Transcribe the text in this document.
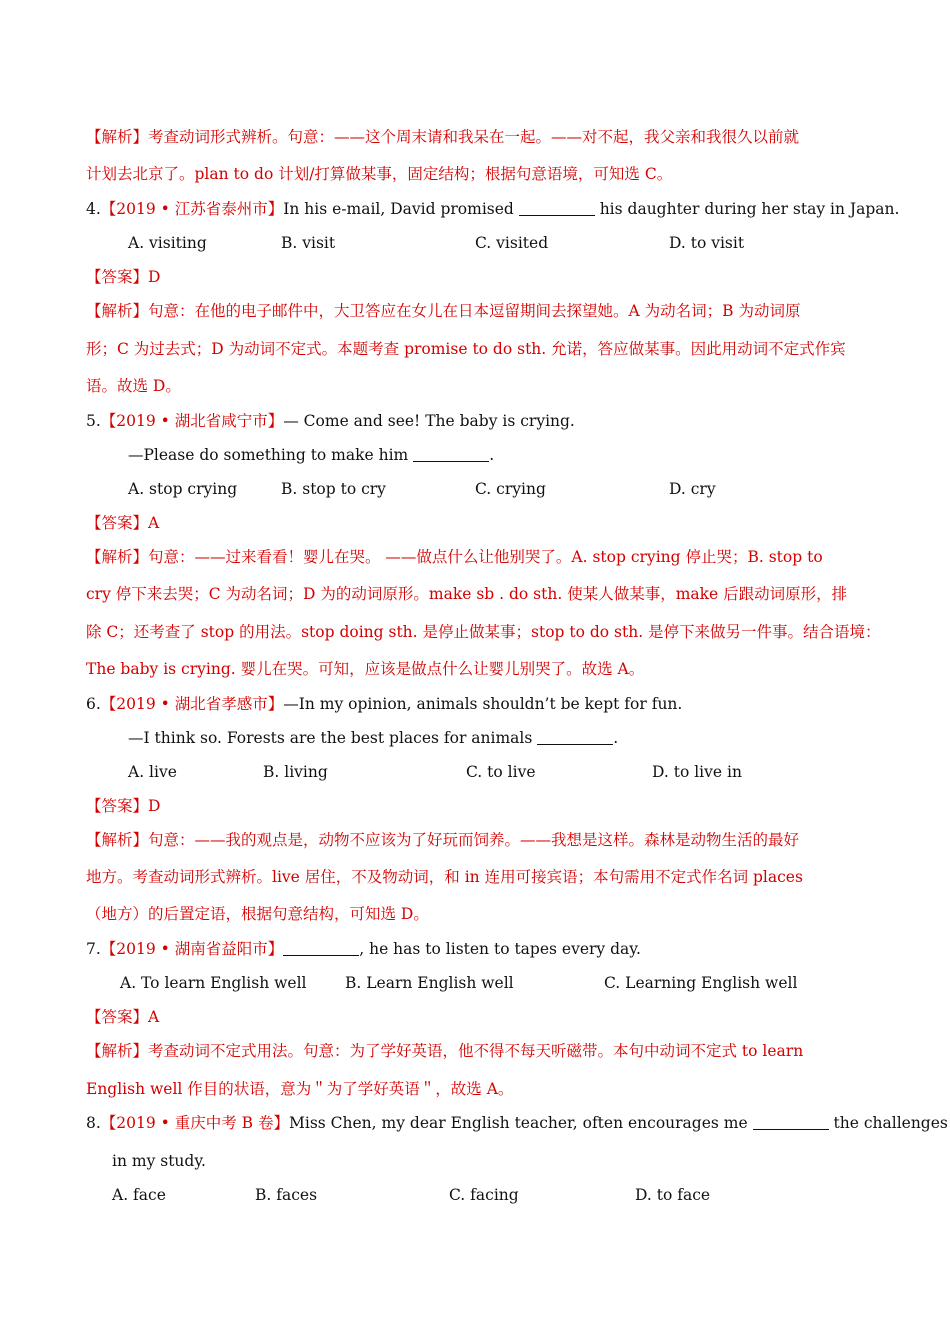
【解析】考查动词形式辨析。句意：——这个周末请和我呆在一起。——对不起，我父亲和我很久以前就
计划去北京了。plan to do 计划/打算做某事，固定结构；根据句意语境，可知选 C。
4.【2019 • 江苏省泰州市】In his e-mail, David promised	his daughter during her stay in Japan.
A. visiting	B. visit	C. visited	D. to visit
【答案】D
【解析】句意：在他的电子邮件中，大卫答应在女儿在日本逗留期间去探望她。A 为动名词；B 为动词原
形；C 为过去式；D 为动词不定式。本题考查 promise to do sth. 允诺，答应做某事。因此用动词不定式作宾
语。故选 D。
5.【2019 • 湖北省咸宁市】— Come and see! The baby is crying.
—Please do something to make him	.
A. stop crying	B. stop to cry	C. crying	D. cry
【答案】A
【解析】句意：——过来看看！婴儿在哭。 ——做点什么让他别哭了。A. stop crying 停止哭；B. stop to
cry 停下来去哭；C 为动名词；D 为的动词原形。make sb . do sth. 使某人做某事，make 后跟动词原形，排
除 C；还考查了 stop 的用法。stop doing sth. 是停止做某事；stop to do sth. 是停下来做另一件事。结合语境：
The baby is crying. 婴儿在哭。可知，应该是做点什么让婴儿别哭了。故选 A。
6.【2019 • 湖北省孝感市】—In my opinion, animals shouldn’t be kept for fun.
—I think so. Forests are the best places for animals	.
A. live	B. living	C. to live	D. to live in
【答案】D
【解析】句意：——我的观点是，动物不应该为了好玩而饲养。——我想是这样。森林是动物生活的最好
地方。考查动词形式辨析。live 居住，不及物动词，和 in 连用可接宾语；本句需用不定式作名词 places
（地方）的后置定语，根据句意结构，可知选 D。
7.【2019 • 湖南省益阳市】	, he has to listen to tapes every day.
A. To learn English well B. Learn English well	C. Learning English well
【答案】A
【解析】考查动词不定式用法。句意：为了学好英语，他不得不每天听磁带。本句中动词不定式 to learn
English well 作目的状语，意为＂为了学好英语＂，故选 A。
8.【2019 • 重庆中考 B 卷】Miss Chen, my dear English teacher, often encourages me	the challenges
in my study.
A. face	B. faces	C. facing	D. to face
